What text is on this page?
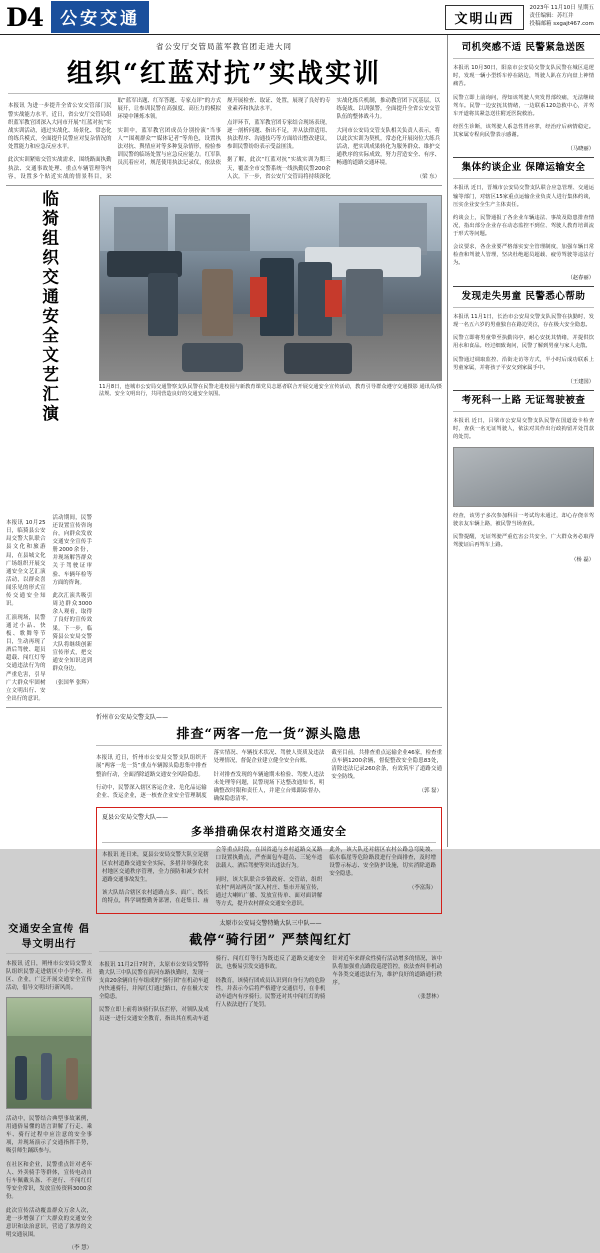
D4	公安交通	文明山西
2023年 11月10日 星期五
责任编辑：苏红井
投稿邮箱 sxgajt467.com
省公安厅交管局蓝军教官团走进大同
组织“红蓝对抗”实战实训

本报讯 为进一步提升全省公安交管部门民警实战能力水平，近日，省公安厅交管局组织蓝军教官团深入大同市开展“红蓝对抗”实战实训活动，通过实战化、场景化、常态化的练兵模式，全面提升民警应对复杂情况的处置能力和应急反应水平。

此次实训紧贴交管实战需求，围绕路面执勤执法、交通事故处理、重点车辆管理等内容，设置多个贴近实战的情景科目，采取“蓝军出题、红军答题、专家点评”的方式展开，让参训民警在高强度、高压力的模拟环境中锤炼本领。

实训中，蓝军教官团成员分别扮演“当事人”“围观群众”“媒体记者”等角色，设置执法对抗、舆情应对等多种复杂情形，检验参训民警的临场处置与应急反应能力。红军队员沉着应对，规范使用执法记录仪，依法依规开展检查、取证、处置，展现了良好的专业素养和执法水平。

点评环节，蓝军教官团专家结合现场表现，逐一剖析问题、指出不足，并从法律适用、执法程序、沟通技巧等方面给出整改建议，参训民警纷纷表示受益匪浅。

据了解，此次“红蓝对抗”实战实训为期三天，覆盖全市交警系统一线执勤民警200余人次。下一步，省公安厅交管局将持续深化实战化练兵机制，推动教官团下沉基层，以练促战、以训强警，全面提升全省公安交管队伍的整体战斗力。

大同市公安局交管支队相关负责人表示，将以此次实训为契机，常态化开展岗位大练兵活动，把实训成果转化为服务群众、维护交通秩序的实际成效，努力营造安全、有序、畅通的道路交通环境。

（梁 东）
临猗组织交通安全文艺汇演

本报讯 10月25日，临猗县公安局交警大队联合县文化和旅游局，在县城文化广场组织开展交通安全文艺汇演活动，以群众喜闻乐见的形式宣传交通安全知识。

汇演现场，民警通过小品、快板、歌舞等节目，生动再现了酒后驾驶、超员超载、闯红灯等交通违法行为的严重危害，引导广大群众牢固树立文明出行、安全出行的意识。

活动期间，民警还设置宣传咨询台，向群众发放交通安全宣传手册2000余份，并现场解答群众关于驾驶证审验、车辆年检等方面的咨询。

此次汇演共吸引周边群众3000余人观看，取得了良好的宣传效果。下一步，临猗县公安局交警大队将继续创新宣传形式，把交通安全知识送到群众身边。

（张国华 张辉）
摄影 通讯员/摄
11月8日，连城市公安局交通警察支队民警在民警走进校园与新教育课党员志愿者联合开展交通安全宣传活动，教育引导群众遵守交通法规、安全文明出行，共同营造良好的交通安全氛围。
忻州市公安局交警支队——
排查“两客一危一货”源头隐患

本报讯 近日，忻州市公安局交警支队组织开展“两客一危一货”重点车辆源头隐患集中排查整治行动，全面消除道路交通安全风险隐患。

行动中，民警深入辖区客运企业、危化品运输企业、货运企业，逐一核查企业安全管理制度落实情况、车辆技术状况、驾驶人资质及违法处理情况，督促企业建立健全安全台账。

针对排查发现的车辆逾期未检验、驾驶人违法未处理等问题，民警现场下达整改通知书，明确整改时限和责任人，并建立台账跟踪督办，确保隐患清零。

截至目前，共排查重点运输企业46家，检查重点车辆1200余辆，督促整改安全隐患83处，清除违法记录260余条，有效筑牢了道路交通安全防线。

（郭 磊）
夏县公安局交警大队——
多举措确保农村道路交通安全

本报讯 连日来，夏县公安局交警大队立足辖区农村道路交通安全实际，多措并举强化农村地区交通秩序管理，全力预防和减少农村道路交通事故发生。

该大队结合辖区农村道路点多、面广、线长的特点，科学调整勤务部署，在赶集日、庙会等重点时段，在国省道与乡村道路交叉路口设置执勤点，严查面包车超员、三轮车违法载人、酒后驾驶等突出违法行为。

同时，该大队联合乡镇政府、交管站，组织农村“两站两员”深入村庄、集市开展宣传，通过大喇叭广播、发放宣传单、面对面讲解等方式，提升农村群众交通安全意识。

此外，该大队还对辖区农村公路急弯陡坡、临水临崖等危险路段进行全面排查，及时增设警示标志、安全防护设施，切实消除道路安全隐患。

（李富海）
交通安全宣传 倡导文明出行

本报讯 近日，朔州市公安局交警支队组织民警走进辖区中小学校、社区、企业，广泛开展交通安全宣传活动，倡导文明出行新风尚。

活动中，民警结合典型事故案例，用通俗易懂的语言讲解了行走、乘车、骑行过程中应注意的安全事项，并现场演示了交通指挥手势，吸引师生踊跃参与。

在社区和企业，民警重点针对老年人、外卖骑手等群体，宣传电动自行车佩戴头盔、不逆行、不闯红灯等安全常识，发放宣传资料3000余份。

此次宣传活动覆盖群众万余人次，进一步增强了广大群众的交通安全意识和法治意识，营造了浓厚的文明交通氛围。

（李 慧）
太原市公安局交警特勤大队三中队——
截停“骑行团” 严禁闯红灯

本报讯 11月2日7时许，太原市公安局交警特勤大队三中队民警在滨河东路执勤时，发现一支由20余辆自行车组成的“骑行团”在机动车道内快速骑行，并闯红灯通过路口，存在极大安全隐患。

民警立即上前将该骑行队伍拦停，对领队及成员逐一进行交通安全教育，指出其在机动车道骑行、闯红灯等行为既违反了道路交通安全法，也极易引发交通事故。

经教育，该骑行团成员认识到自身行为的危险性，并表示今后将严格遵守交通信号，在非机动车道内有序骑行。民警还对其中闯红灯的骑行人依法进行了处罚。

针对近年来群众性骑行活动增多的情况，该中队将加强重点路段巡逻管控，依法查纠非机动车各类交通违法行为，维护良好的道路通行秩序。

（张慧林）
司机突感不适 民警紧急送医

本报讯 10月30日，阳泉市公安局交警支队民警在城区巡逻时，发现一辆小型轿车停在路边，驾驶人趴在方向盘上神情痛苦。

民警立即上前询问，得知该驾驶人突发胃部绞痛，无法继续驾车。民警一边安抚其情绪，一边联系120急救中心，并驾车开道将其紧急送往附近医院救治。

经医生诊断，该驾驶人系急性胃痉挛，经治疗后病情稳定。其家属专程向民警表示感谢。

（马晓丽）
集体约谈企业 保障运输安全

本报讯 近日，晋城市公安局交警支队联合应急管理、交通运输等部门，对辖区15家重点运输企业负责人进行集体约谈，压实企业安全生产主体责任。

约谈会上，民警通报了各企业车辆违法、事故及隐患排查情况，指出部分企业存在动态监控不到位、驾驶人教育培训流于形式等问题。

会议要求，各企业要严格落实安全管理制度，加强车辆日常检查和驾驶人管理，坚决杜绝超员超载、疲劳驾驶等违法行为。

（赵春丽）
发现走失男童 民警悉心帮助

本报讯 11月1日，长治市公安局交警支队民警在执勤时，发现一名五六岁的男童独自在路边哭泣，存在极大安全隐患。

民警立即将男童带至执勤岗亭，耐心安抚其情绪，并提供饮用水和食品。经过细致询问，民警了解到男童与家人走散。

民警通过调取监控、沿街走访等方式，半小时后成功联系上男童家属，并将孩子平安交到家属手中。

（王建国）
考死科一上路 无证驾驶被查

本报讯 近日，吕梁市公安局交警支队民警在国道设卡检查时，查获一名无证驾驶人，依法对其作出行政拘留并处罚款的处罚。

经查，该男子多次参加科目一考试均未通过，却心存侥幸驾驶亲友车辆上路，被民警当场查获。

民警提醒，无证驾驶严重危害公共安全，广大群众务必取得驾驶证后再驾车上路。

（杨 磊）
